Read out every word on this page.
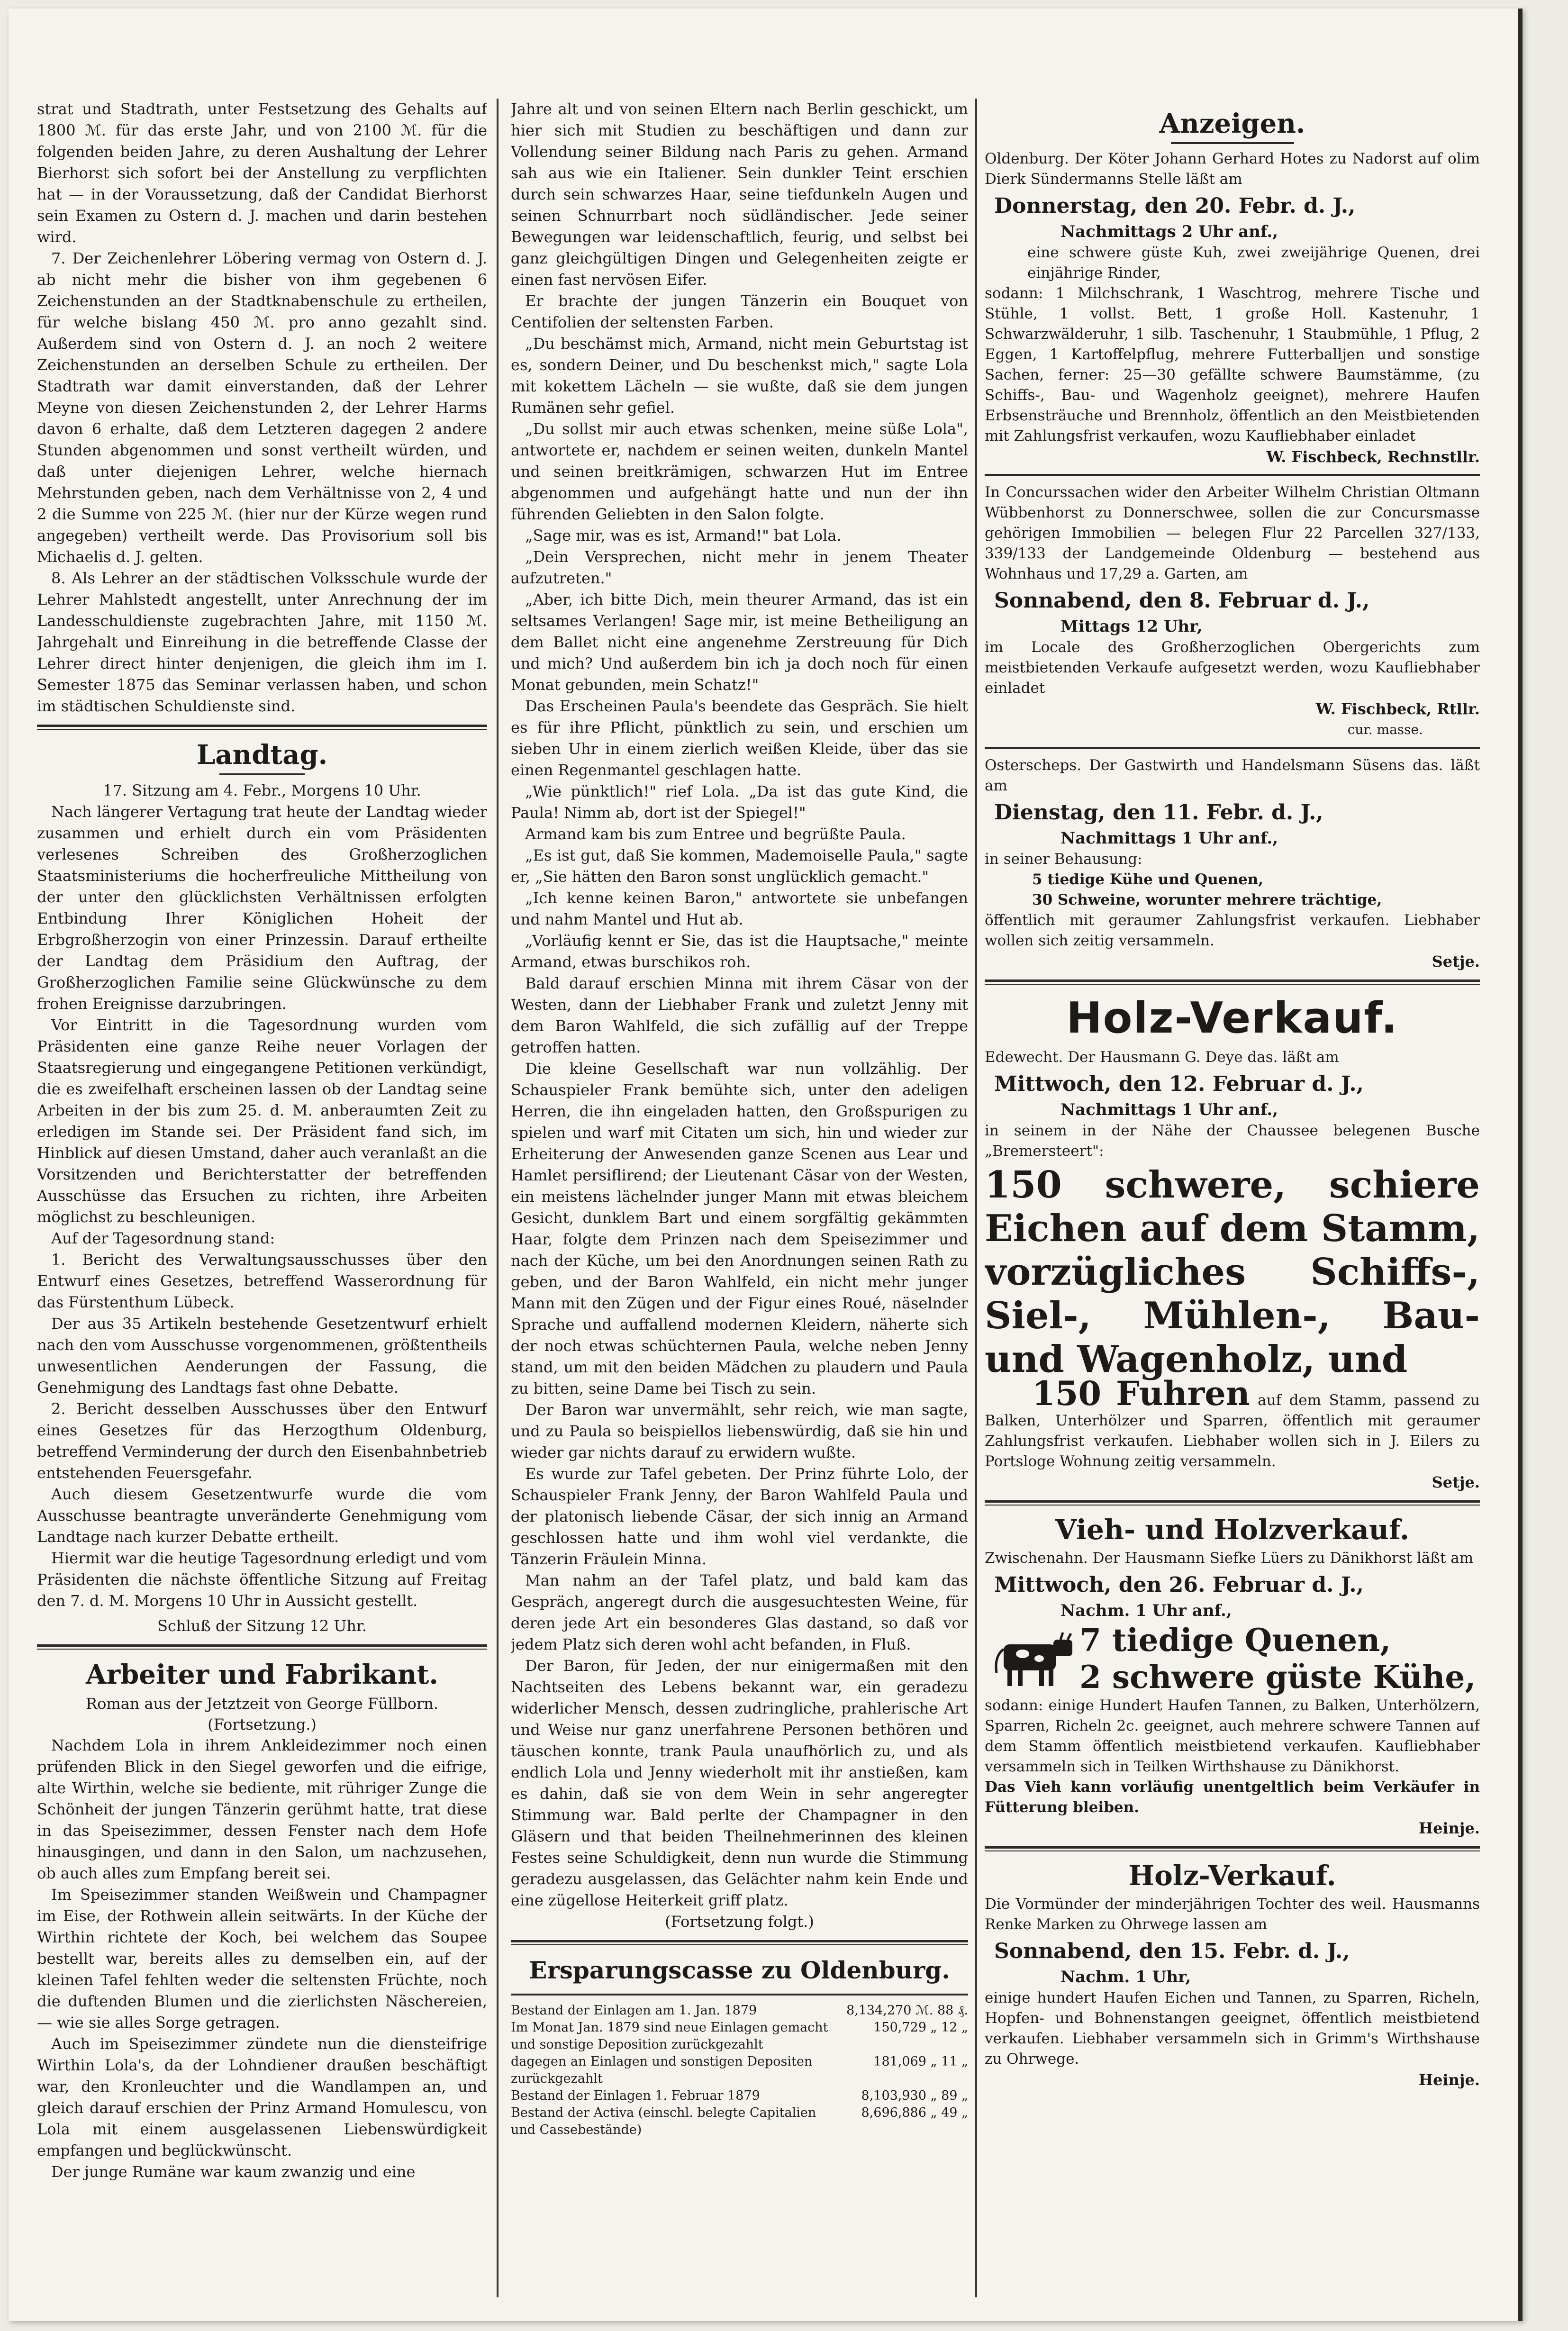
strat und Stadtrath, unter Festsetzung des Gehalts auf 1800 ℳ. für das erste Jahr, und von 2100 ℳ. für die folgenden beiden Jahre, zu deren Aushaltung der Lehrer Bierhorst sich sofort bei der Anstellung zu verpflichten hat — in der Voraussetzung, daß der Candidat Bierhorst sein Examen zu Ostern d. J. machen und darin bestehen wird.

7. Der Zeichenlehrer Löbering vermag von Ostern d. J. ab nicht mehr die bisher von ihm gegebenen 6 Zeichenstunden an der Stadtknabenschule zu ertheilen, für welche bislang 450 ℳ. pro anno gezahlt sind. Außerdem sind von Ostern d. J. an noch 2 weitere Zeichenstunden an derselben Schule zu ertheilen. Der Stadtrath war damit einverstanden, daß der Lehrer Meyne von diesen Zeichenstunden 2, der Lehrer Harms davon 6 erhalte, daß dem Letzteren dagegen 2 andere Stunden abgenommen und sonst vertheilt würden, und daß unter diejenigen Lehrer, welche hiernach Mehrstunden geben, nach dem Verhältnisse von 2, 4 und 2 die Summe von 225 ℳ. (hier nur der Kürze wegen rund angegeben) vertheilt werde. Das Provisorium soll bis Michaelis d. J. gelten.

8. Als Lehrer an der städtischen Volksschule wurde der Lehrer Mahlstedt angestellt, unter Anrechnung der im Landesschuldienste zugebrachten Jahre, mit 1150 ℳ. Jahrgehalt und Einreihung in die betreffende Classe der Lehrer direct hinter denjenigen, die gleich ihm im I. Semester 1875 das Seminar verlassen haben, und schon im städtischen Schuldienste sind.

Landtag.

17. Sitzung am 4. Febr., Morgens 10 Uhr.

Nach längerer Vertagung trat heute der Landtag wieder zusammen und erhielt durch ein vom Präsidenten verlesenes Schreiben des Großherzoglichen Staatsministeriums die hocherfreuliche Mittheilung von der unter den glücklichsten Verhältnissen erfolgten Entbindung Ihrer Königlichen Hoheit der Erbgroßherzogin von einer Prinzessin. Darauf ertheilte der Landtag dem Präsidium den Auftrag, der Großherzoglichen Familie seine Glückwünsche zu dem frohen Ereignisse darzubringen.

Vor Eintritt in die Tagesordnung wurden vom Präsidenten eine ganze Reihe neuer Vorlagen der Staatsregierung und eingegangene Petitionen verkündigt, die es zweifelhaft erscheinen lassen ob der Landtag seine Arbeiten in der bis zum 25. d. M. anberaumten Zeit zu erledigen im Stande sei. Der Präsident fand sich, im Hinblick auf diesen Umstand, daher auch veranlaßt an die Vorsitzenden und Berichterstatter der betreffenden Ausschüsse das Ersuchen zu richten, ihre Arbeiten möglichst zu beschleunigen.

Auf der Tagesordnung stand:

1. Bericht des Verwaltungsausschusses über den Entwurf eines Gesetzes, betreffend Wasserordnung für das Fürstenthum Lübeck.

Der aus 35 Artikeln bestehende Gesetzentwurf erhielt nach den vom Ausschusse vorgenommenen, größtentheils unwesentlichen Aenderungen der Fassung, die Genehmigung des Landtags fast ohne Debatte.

2. Bericht desselben Ausschusses über den Entwurf eines Gesetzes für das Herzogthum Oldenburg, betreffend Verminderung der durch den Eisenbahnbetrieb entstehenden Feuersgefahr.

Auch diesem Gesetzentwurfe wurde die vom Ausschusse beantragte unveränderte Genehmigung vom Landtage nach kurzer Debatte ertheilt.

Hiermit war die heutige Tagesordnung erledigt und vom Präsidenten die nächste öffentliche Sitzung auf Freitag den 7. d. M. Morgens 10 Uhr in Aussicht gestellt.

Schluß der Sitzung 12 Uhr.

Arbeiter und Fabrikant.

Roman aus der Jetztzeit von George Füllborn.

(Fortsetzung.)

Nachdem Lola in ihrem Ankleidezimmer noch einen prüfenden Blick in den Siegel geworfen und die eifrige, alte Wirthin, welche sie bediente, mit rühriger Zunge die Schönheit der jungen Tänzerin gerühmt hatte, trat diese in das Speisezimmer, dessen Fenster nach dem Hofe hinausgingen, und dann in den Salon, um nachzusehen, ob auch alles zum Empfang bereit sei.

Im Speisezimmer standen Weißwein und Champagner im Eise, der Rothwein allein seitwärts. In der Küche der Wirthin richtete der Koch, bei welchem das Soupee bestellt war, bereits alles zu demselben ein, auf der kleinen Tafel fehlten weder die seltensten Früchte, noch die duftenden Blumen und die zierlichsten Näschereien, — wie sie alles Sorge getragen.

Auch im Speisezimmer zündete nun die diensteifrige Wirthin Lola's, da der Lohndiener draußen beschäftigt war, den Kronleuchter und die Wandlampen an, und gleich darauf erschien der Prinz Armand Homulescu, von Lola mit einem ausgelassenen Liebenswürdigkeit empfangen und beglückwünscht.

Der junge Rumäne war kaum zwanzig und eine

Jahre alt und von seinen Eltern nach Berlin geschickt, um hier sich mit Studien zu beschäftigen und dann zur Vollendung seiner Bildung nach Paris zu gehen. Armand sah aus wie ein Italiener. Sein dunkler Teint erschien durch sein schwarzes Haar, seine tiefdunkeln Augen und seinen Schnurrbart noch südländischer. Jede seiner Bewegungen war leidenschaftlich, feurig, und selbst bei ganz gleichgültigen Dingen und Gelegenheiten zeigte er einen fast nervösen Eifer.

Er brachte der jungen Tänzerin ein Bouquet von Centifolien der seltensten Farben.

„Du beschämst mich, Armand, nicht mein Geburtstag ist es, sondern Deiner, und Du beschenkst mich," sagte Lola mit kokettem Lächeln — sie wußte, daß sie dem jungen Rumänen sehr gefiel.

„Du sollst mir auch etwas schenken, meine süße Lola", antwortete er, nachdem er seinen weiten, dunkeln Mantel und seinen breitkrämigen, schwarzen Hut im Entree abgenommen und aufgehängt hatte und nun der ihn führenden Geliebten in den Salon folgte.

„Sage mir, was es ist, Armand!" bat Lola.

„Dein Versprechen, nicht mehr in jenem Theater aufzutreten."

„Aber, ich bitte Dich, mein theurer Armand, das ist ein seltsames Verlangen! Sage mir, ist meine Betheiligung an dem Ballet nicht eine angenehme Zerstreuung für Dich und mich? Und außerdem bin ich ja doch noch für einen Monat gebunden, mein Schatz!"

Das Erscheinen Paula's beendete das Gespräch. Sie hielt es für ihre Pflicht, pünktlich zu sein, und erschien um sieben Uhr in einem zierlich weißen Kleide, über das sie einen Regenmantel geschlagen hatte.

„Wie pünktlich!" rief Lola. „Da ist das gute Kind, die Paula! Nimm ab, dort ist der Spiegel!"

Armand kam bis zum Entree und begrüßte Paula.

„Es ist gut, daß Sie kommen, Mademoiselle Paula," sagte er, „Sie hätten den Baron sonst unglücklich gemacht."

„Ich kenne keinen Baron," antwortete sie unbefangen und nahm Mantel und Hut ab.

„Vorläufig kennt er Sie, das ist die Hauptsache," meinte Armand, etwas burschikos roh.

Bald darauf erschien Minna mit ihrem Cäsar von der Westen, dann der Liebhaber Frank und zuletzt Jenny mit dem Baron Wahlfeld, die sich zufällig auf der Treppe getroffen hatten.

Die kleine Gesellschaft war nun vollzählig. Der Schauspieler Frank bemühte sich, unter den adeligen Herren, die ihn eingeladen hatten, den Großspurigen zu spielen und warf mit Citaten um sich, hin und wieder zur Erheiterung der Anwesenden ganze Scenen aus Lear und Hamlet persiflirend; der Lieutenant Cäsar von der Westen, ein meistens lächelnder junger Mann mit etwas bleichem Gesicht, dunklem Bart und einem sorgfältig gekämmten Haar, folgte dem Prinzen nach dem Speisezimmer und nach der Küche, um bei den Anordnungen seinen Rath zu geben, und der Baron Wahlfeld, ein nicht mehr junger Mann mit den Zügen und der Figur eines Roué, näselnder Sprache und auffallend modernen Kleidern, näherte sich der noch etwas schüchternen Paula, welche neben Jenny stand, um mit den beiden Mädchen zu plaudern und Paula zu bitten, seine Dame bei Tisch zu sein.

Der Baron war unvermählt, sehr reich, wie man sagte, und zu Paula so beispiellos liebenswürdig, daß sie hin und wieder gar nichts darauf zu erwidern wußte.

Es wurde zur Tafel gebeten. Der Prinz führte Lolo, der Schauspieler Frank Jenny, der Baron Wahlfeld Paula und der platonisch liebende Cäsar, der sich innig an Armand geschlossen hatte und ihm wohl viel verdankte, die Tänzerin Fräulein Minna.

Man nahm an der Tafel platz, und bald kam das Gespräch, angeregt durch die ausgesuchtesten Weine, für deren jede Art ein besonderes Glas dastand, so daß vor jedem Platz sich deren wohl acht befanden, in Fluß.

Der Baron, für Jeden, der nur einigermaßen mit den Nachtseiten des Lebens bekannt war, ein geradezu widerlicher Mensch, dessen zudringliche, prahlerische Art und Weise nur ganz unerfahrene Personen bethören und täuschen konnte, trank Paula unaufhörlich zu, und als endlich Lola und Jenny wiederholt mit ihr anstießen, kam es dahin, daß sie von dem Wein in sehr angeregter Stimmung war. Bald perlte der Champagner in den Gläsern und that beiden Theilnehmerinnen des kleinen Festes seine Schuldigkeit, denn nun wurde die Stimmung geradezu ausgelassen, das Gelächter nahm kein Ende und eine zügellose Heiterkeit griff platz.

(Fortsetzung folgt.)

Ersparungscasse zu Oldenburg.
Bestand der Einlagen am 1. Jan. 1879	8,134,270 ℳ. 88 ₰.
Im Monat Jan. 1879 sind neue Einlagen gemacht und sonstige Deposition zurückgezahlt	150,729 „ 12 „
dagegen an Einlagen und sonstigen Depositen zurückgezahlt	181,069 „ 11 „
Bestand der Einlagen 1. Februar 1879	8,103,930 „ 89 „
Bestand der Activa (einschl. belegte Capitalien und Cassebestände)	8,696,886 „ 49 „
Anzeigen.

Oldenburg. Der Köter Johann Gerhard Hotes zu Nadorst auf olim Dierk Sündermanns Stelle läßt am

Donnerstag, den 20. Febr. d. J.,

Nachmittags 2 Uhr anf.,

eine schwere güste Kuh, zwei zweijährige Quenen, drei einjährige Rinder,

sodann: 1 Milchschrank, 1 Waschtrog, mehrere Tische und Stühle, 1 vollst. Bett, 1 große Holl. Kastenuhr, 1 Schwarzwälderuhr, 1 silb. Taschenuhr, 1 Staubmühle, 1 Pflug, 2 Eggen, 1 Kartoffelpflug, mehrere Futterballjen und sonstige Sachen, ferner: 25—30 gefällte schwere Baumstämme, (zu Schiffs-, Bau- und Wagenholz geeignet), mehrere Haufen Erbsensträuche und Brennholz, öffentlich an den Meistbietenden mit Zahlungsfrist verkaufen, wozu Kaufliebhaber einladet

W. Fischbeck, Rechnstllr.

In Concurssachen wider den Arbeiter Wilhelm Christian Oltmann Wübbenhorst zu Donnerschwee, sollen die zur Concursmasse gehörigen Immobilien — belegen Flur 22 Parcellen 327/133, 339/133 der Landgemeinde Oldenburg — bestehend aus Wohnhaus und 17,29 a. Garten, am

Sonnabend, den 8. Februar d. J.,

Mittags 12 Uhr,

im Locale des Großherzoglichen Obergerichts zum meistbietenden Verkaufe aufgesetzt werden, wozu Kaufliebhaber einladet

W. Fischbeck, Rtllr.

cur. masse.

Osterscheps. Der Gastwirth und Handelsmann Süsens das. läßt am

Dienstag, den 11. Febr. d. J.,

Nachmittags 1 Uhr anf.,

in seiner Behausung:

5 tiedige Kühe und Quenen,

30 Schweine, worunter mehrere trächtige,

öffentlich mit geraumer Zahlungsfrist verkaufen. Liebhaber wollen sich zeitig versammeln.

Setje.

Holz-Verkauf.

Edewecht. Der Hausmann G. Deye das. läßt am

Mittwoch, den 12. Februar d. J.,

Nachmittags 1 Uhr anf.,

in seinem in der Nähe der Chaussee belegenen Busche „Bremersteert":

150 schwere, schiere Eichen auf dem Stamm, vorzügliches Schiffs-, Siel-, Mühlen-, Bau- und Wagenholz, und

150 Fuhren auf dem Stamm, passend zu Balken, Unterhölzer und Sparren, öffentlich mit geraumer Zahlungsfrist verkaufen. Liebhaber wollen sich in J. Eilers zu Portsloge Wohnung zeitig versammeln.

Setje.

Vieh- und Holzverkauf.

Zwischenahn. Der Hausmann Siefke Lüers zu Dänikhorst läßt am

Mittwoch, den 26. Februar d. J.,

Nachm. 1 Uhr anf.,

7 tiedige Quenen,

2 schwere güste Kühe,

sodann: einige Hundert Haufen Tannen, zu Balken, Unterhölzern, Sparren, Richeln 2c. geeignet, auch mehrere schwere Tannen auf dem Stamm öffentlich meistbietend verkaufen. Kaufliebhaber versammeln sich in Teilken Wirthshause zu Dänikhorst.

Das Vieh kann vorläufig unentgeltlich beim Verkäufer in Fütterung bleiben.

Heinje.

Holz-Verkauf.

Die Vormünder der minderjährigen Tochter des weil. Hausmanns Renke Marken zu Ohrwege lassen am

Sonnabend, den 15. Febr. d. J.,

Nachm. 1 Uhr,

einige hundert Haufen Eichen und Tannen, zu Sparren, Richeln, Hopfen- und Bohnenstangen geeignet, öffentlich meistbietend verkaufen. Liebhaber versammeln sich in Grimm's Wirthshause zu Ohrwege.

Heinje.
